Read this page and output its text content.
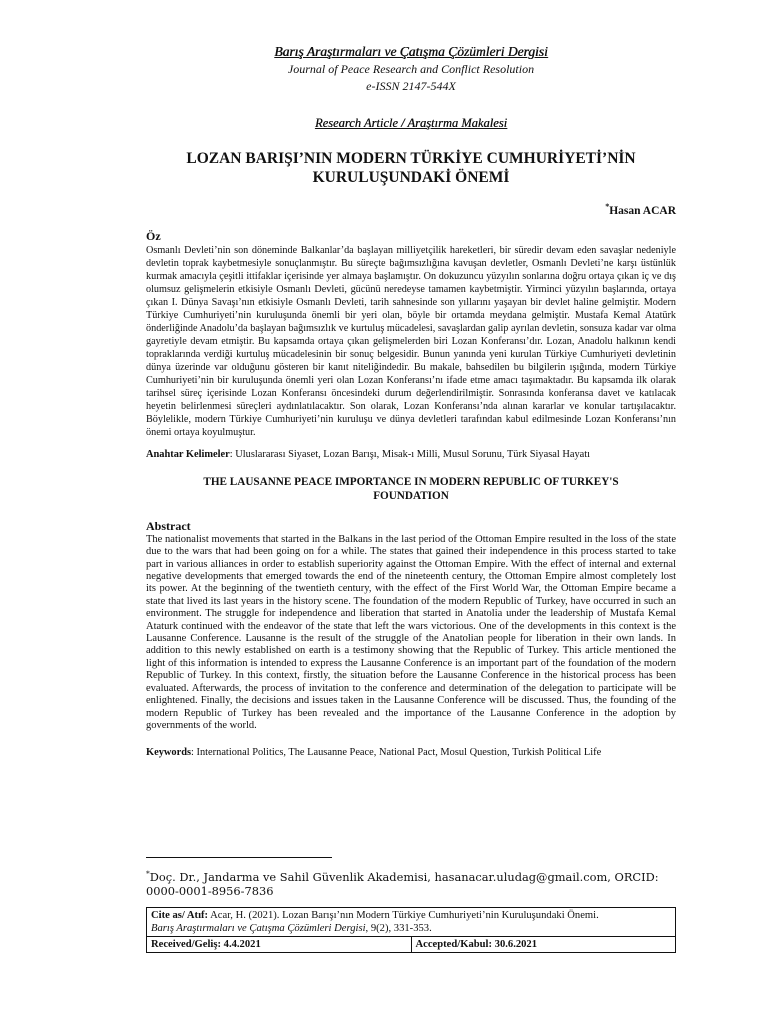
Barış Araştırmaları ve Çatışma Çözümleri Dergisi
Journal of Peace Research and Conflict Resolution
e-ISSN 2147-544X
Research Article / Araştırma Makalesi
LOZAN BARIŞI’NIN MODERN TÜRKİYE CUMHURİYETİ’NİN
KURULUŞUNDAKİ ÖNEMİ
*Hasan ACAR
Öz
Osmanlı Devleti’nin son döneminde Balkanlar’da başlayan milliyetçilik hareketleri, bir süredir devam eden savaşlar nedeniyle devletin toprak kaybetmesiyle sonuçlanmıştır. Bu süreçte bağımsızlığına kavuşan devletler, Osmanlı Devleti’ne karşı üstünlük kurmak amacıyla çeşitli ittifaklar içerisinde yer almaya başlamıştır. On dokuzuncu yüzyılın sonlarına doğru ortaya çıkan iç ve dış olumsuz gelişmelerin etkisiyle Osmanlı Devleti, gücünü neredeyse tamamen kaybetmiştir. Yirminci yüzyılın başlarında, ortaya çıkan I. Dünya Savaşı’nın etkisiyle Osmanlı Devleti, tarih sahnesinde son yıllarını yaşayan bir devlet haline gelmiştir. Modern Türkiye Cumhuriyeti’nin kuruluşunda önemli bir yeri olan, böyle bir ortamda meydana gelmiştir. Mustafa Kemal Atatürk önderliğinde Anadolu’da başlayan bağımsızlık ve kurtuluş mücadelesi, savaşlardan galip ayrılan devletin, sonsuza kadar var olma gayretiyle devam etmiştir. Bu kapsamda ortaya çıkan gelişmelerden biri Lozan Konferansı’dır. Lozan, Anadolu halkının kendi topraklarında verdiği kurtuluş mücadelesinin bir sonuç belgesidir. Bunun yanında yeni kurulan Türkiye Cumhuriyeti devletinin dünya üzerinde var olduğunu gösteren bir kanıt niteliğindedir. Bu makale, bahsedilen bu bilgilerin ışığında, modern Türkiye Cumhuriyeti’nin bir kuruluşunda önemli yeri olan Lozan Konferansı’nı ifade etme amacı taşımaktadır. Bu kapsamda ilk olarak tarihsel süreç içerisinde Lozan Konferansı öncesindeki durum değerlendirilmiştir. Sonrasında konferansa davet ve katılacak heyetin belirlenmesi süreçleri aydınlatılacaktır. Son olarak, Lozan Konferansı’nda alınan kararlar ve konular tartışılacaktır. Böylelikle, modern Türkiye Cumhuriyeti’nin kuruluşu ve dünya devletleri tarafından kabul edilmesinde Lozan Konferansı’nın önemi ortaya koyulmuştur.
Anahtar Kelimeler: Uluslararası Siyaset, Lozan Barışı, Misak-ı Milli, Musul Sorunu, Türk Siyasal Hayatı
THE LAUSANNE PEACE IMPORTANCE IN MODERN REPUBLIC OF TURKEY'S
FOUNDATION
Abstract
The nationalist movements that started in the Balkans in the last period of the Ottoman Empire resulted in the loss of the state due to the wars that had been going on for a while. The states that gained their independence in this process started to take part in various alliances in order to establish superiority against the Ottoman Empire. With the effect of internal and external negative developments that emerged towards the end of the nineteenth century, the Ottoman Empire almost completely lost its power. At the beginning of the twentieth century, with the effect of the First World War, the Ottoman Empire became a state that lived its last years in the history scene. The foundation of the modern Republic of Turkey, have occurred in such an environment. The struggle for independence and liberation that started in Anatolia under the leadership of Mustafa Kemal Ataturk continued with the endeavor of the state that left the wars victorious. One of the developments in this context is the Lausanne Conference. Lausanne is the result of the struggle of the Anatolian people for liberation in their own lands. In addition to this newly established on earth is a testimony showing that the Republic of Turkey. This article mentioned the light of this information is intended to express the Lausanne Conference is an important part of the foundation of the modern Republic of Turkey. In this context, firstly, the situation before the Lausanne Conference in the historical process has been evaluated. Afterwards, the process of invitation to the conference and determination of the delegation to participate will be enlightened. Finally, the decisions and issues taken in the Lausanne Conference will be discussed. Thus, the founding of the modern Republic of Turkey has been revealed and the importance of the Lausanne Conference in the adoption by governments of the world.
Keywords: International Politics, The Lausanne Peace, National Pact, Mosul Question, Turkish Political Life
*Doç. Dr., Jandarma ve Sahil Güvenlik Akademisi, hasanacar.uludag@gmail.com, ORCID: 0000-0001-8956-7836
Cite as/ Atıf: Acar, H. (2021). Lozan Barışı’nın Modern Türkiye Cumhuriyeti’nin Kuruluşundaki Önemi.
Barış Araştırmaları ve Çatışma Çözümleri Dergisi, 9(2), 331-353.
Received/Geliş: 4.4.2021	Accepted/Kabul: 30.6.2021
